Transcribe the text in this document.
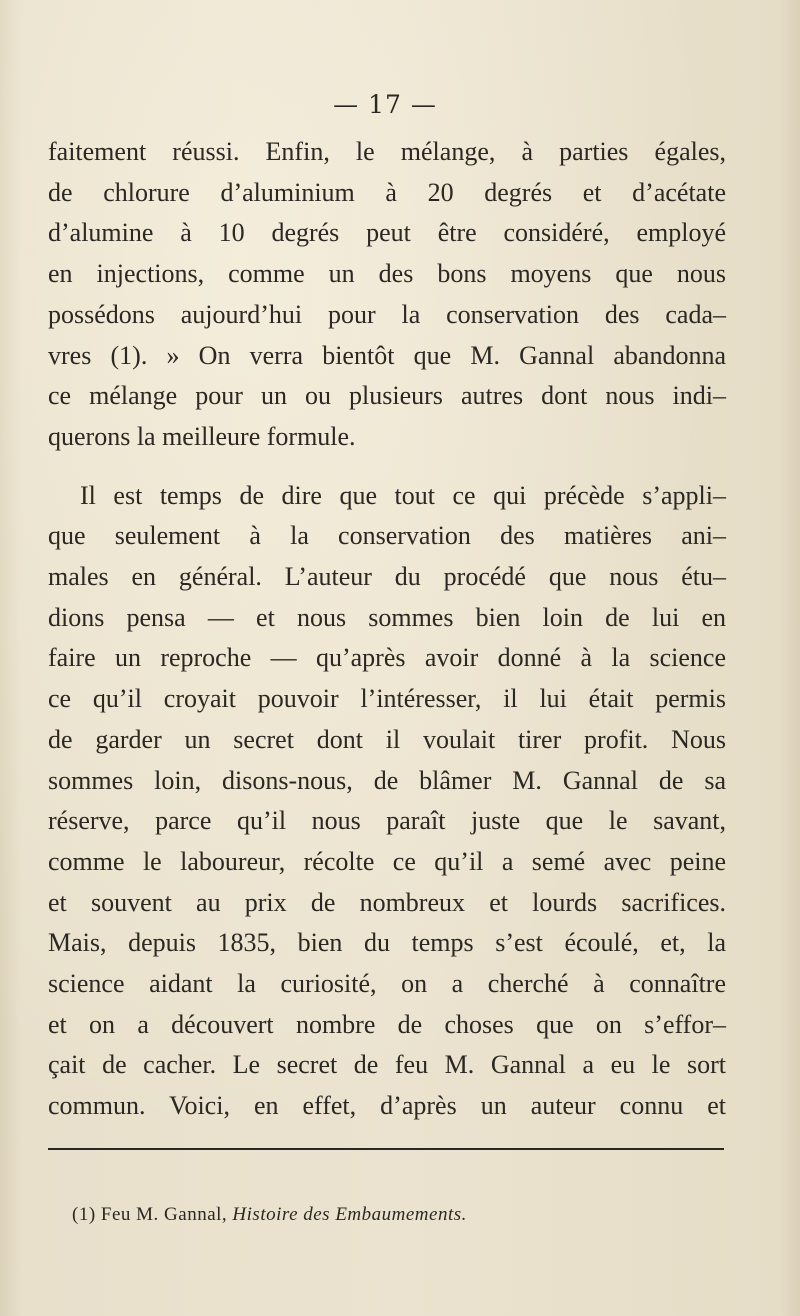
— 17 —
faitement réussi. Enfin, le mélange, à parties égales,
de chlorure d’aluminium à 20 degrés et d’acétate
d’alumine à 10 degrés peut être considéré, employé
en injections, comme un des bons moyens que nous
possédons aujourd’hui pour la conservation des cada–
vres (1). » On verra bientôt que M. Gannal abandonna
ce mélange pour un ou plusieurs autres dont nous indi–
querons la meilleure formule.
Il est temps de dire que tout ce qui précède s’appli–
que seulement à la conservation des matières ani–
males en général. L’auteur du procédé que nous étu–
dions pensa — et nous sommes bien loin de lui en
faire un reproche — qu’après avoir donné à la science
ce qu’il croyait pouvoir l’intéresser, il lui était permis
de garder un secret dont il voulait tirer profit. Nous
sommes loin, disons-nous, de blâmer M. Gannal de sa
réserve, parce qu’il nous paraît juste que le savant,
comme le laboureur, récolte ce qu’il a semé avec peine
et souvent au prix de nombreux et lourds sacrifices.
Mais, depuis 1835, bien du temps s’est écoulé, et, la
science aidant la curiosité, on a cherché à connaître
et on a découvert nombre de choses que on s’effor–
çait de cacher. Le secret de feu M. Gannal a eu le sort
commun. Voici, en effet, d’après un auteur connu et
(1) Feu M. Gannal, Histoire des Embaumements.
